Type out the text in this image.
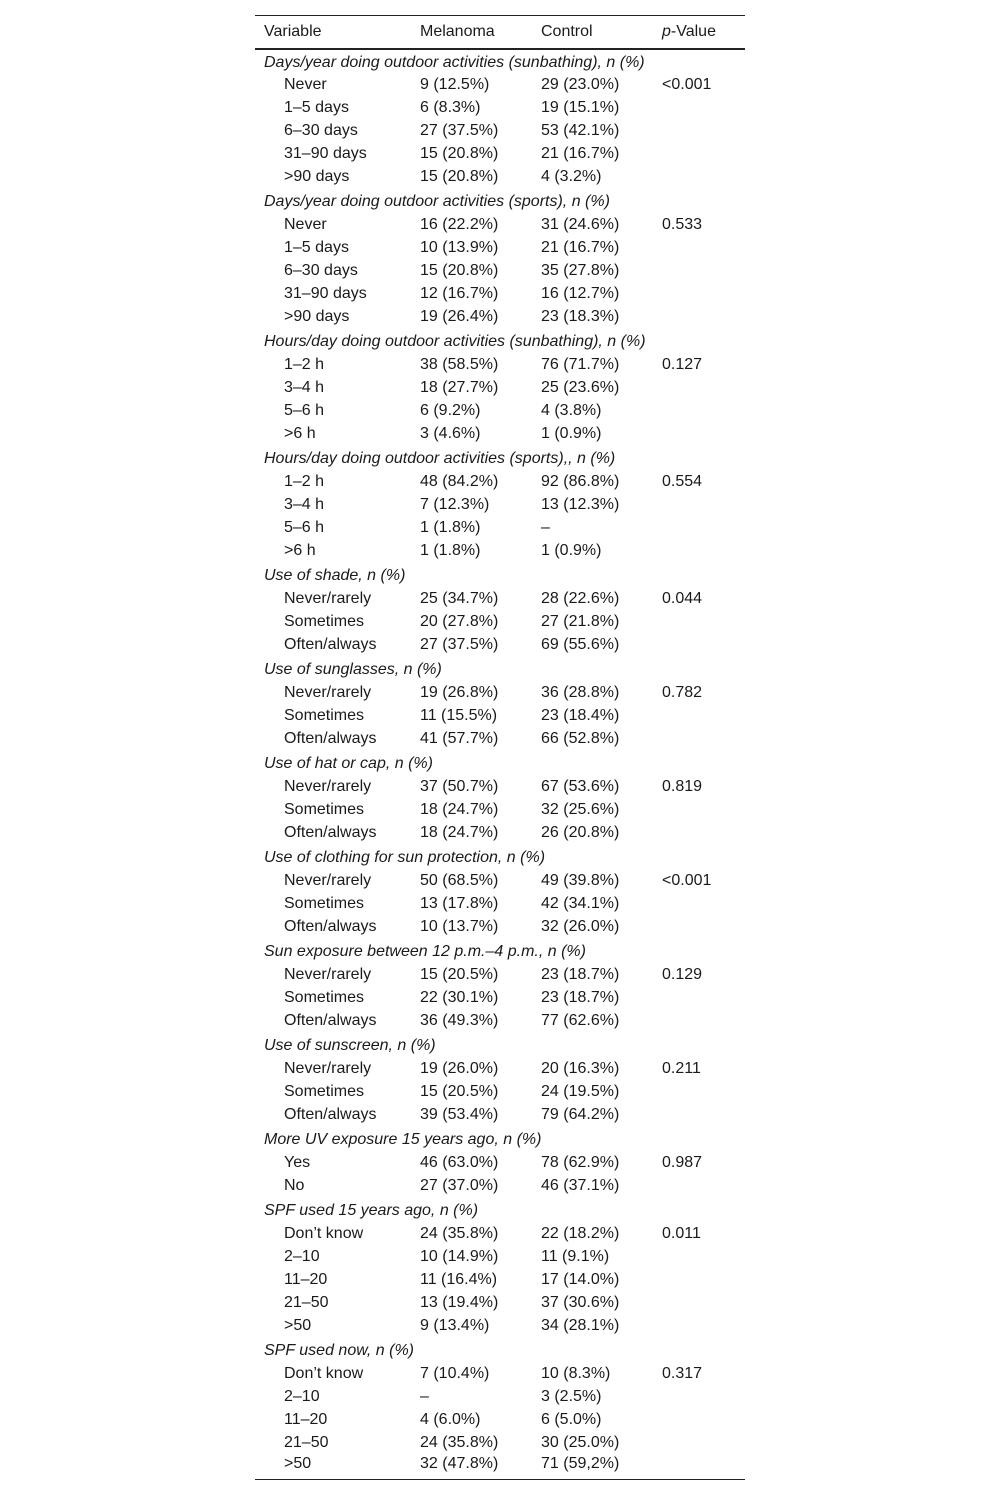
Variable	Melanoma	Control	p-Value
Days/year doing outdoor activities (sunbathing), n (%)			
Never	9 (12.5%)	29 (23.0%)	<0.001
1–5 days	6 (8.3%)	19 (15.1%)	
6–30 days	27 (37.5%)	53 (42.1%)	
31–90 days	15 (20.8%)	21 (16.7%)	
>90 days	15 (20.8%)	4 (3.2%)	
Days/year doing outdoor activities (sports), n (%)			
Never	16 (22.2%)	31 (24.6%)	0.533
1–5 days	10 (13.9%)	21 (16.7%)	
6–30 days	15 (20.8%)	35 (27.8%)	
31–90 days	12 (16.7%)	16 (12.7%)	
>90 days	19 (26.4%)	23 (18.3%)	
Hours/day doing outdoor activities (sunbathing), n (%)			
1–2 h	38 (58.5%)	76 (71.7%)	0.127
3–4 h	18 (27.7%)	25 (23.6%)	
5–6 h	6 (9.2%)	4 (3.8%)	
>6 h	3 (4.6%)	1 (0.9%)	
Hours/day doing outdoor activities (sports),, n (%)			
1–2 h	48 (84.2%)	92 (86.8%)	0.554
3–4 h	7 (12.3%)	13 (12.3%)	
5–6 h	1 (1.8%)	–	
>6 h	1 (1.8%)	1 (0.9%)	
Use of shade, n (%)			
Never/rarely	25 (34.7%)	28 (22.6%)	0.044
Sometimes	20 (27.8%)	27 (21.8%)	
Often/always	27 (37.5%)	69 (55.6%)	
Use of sunglasses, n (%)			
Never/rarely	19 (26.8%)	36 (28.8%)	0.782
Sometimes	11 (15.5%)	23 (18.4%)	
Often/always	41 (57.7%)	66 (52.8%)	
Use of hat or cap, n (%)			
Never/rarely	37 (50.7%)	67 (53.6%)	0.819
Sometimes	18 (24.7%)	32 (25.6%)	
Often/always	18 (24.7%)	26 (20.8%)	
Use of clothing for sun protection, n (%)			
Never/rarely	50 (68.5%)	49 (39.8%)	<0.001
Sometimes	13 (17.8%)	42 (34.1%)	
Often/always	10 (13.7%)	32 (26.0%)	
Sun exposure between 12 p.m.–4 p.m., n (%)			
Never/rarely	15 (20.5%)	23 (18.7%)	0.129
Sometimes	22 (30.1%)	23 (18.7%)	
Often/always	36 (49.3%)	77 (62.6%)	
Use of sunscreen, n (%)			
Never/rarely	19 (26.0%)	20 (16.3%)	0.211
Sometimes	15 (20.5%)	24 (19.5%)	
Often/always	39 (53.4%)	79 (64.2%)	
More UV exposure 15 years ago, n (%)			
Yes	46 (63.0%)	78 (62.9%)	0.987
No	27 (37.0%)	46 (37.1%)	
SPF used 15 years ago, n (%)			
Don’t know	24 (35.8%)	22 (18.2%)	0.011
2–10	10 (14.9%)	11 (9.1%)	
11–20	11 (16.4%)	17 (14.0%)	
21–50	13 (19.4%)	37 (30.6%)	
>50	9 (13.4%)	34 (28.1%)	
SPF used now, n (%)			
Don’t know	7 (10.4%)	10 (8.3%)	0.317
2–10	–	3 (2.5%)	
11–20	4 (6.0%)	6 (5.0%)	
21–50	24 (35.8%)	30 (25.0%)	
>50	32 (47.8%)	71 (59,2%)	
